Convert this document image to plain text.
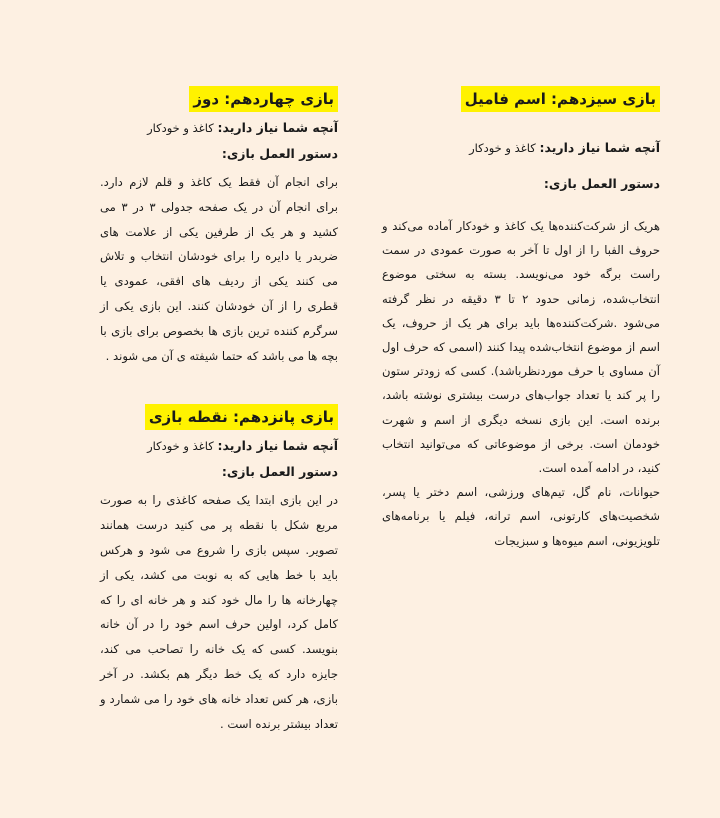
بازی سیزدهم: اسم فامیل

آنچه شما نیاز دارید: کاغذ و خودکار

دستور العمل بازی:

هریک از شرکت‌کننده‌ها یک کاغذ و خودکار آماده می‌کند و حروف الفبا را از اول تا آخر به صورت عمودی در سمت راست برگه خود می‌نویسد. بسته به سختی موضوع انتخاب‌شده، زمانی حدود ۲ تا ۳ دقیقه در نظر گرفته می‌شود .شرکت‌کننده‌ها باید برای هر یک از حروف، یک اسم از موضوع انتخاب‌شده پیدا کنند (اسمی که حرف اول آن مساوی با حرف موردنظرباشد). کسی که زودتر ستون را پر کند یا تعداد جواب‌های درست بیشتری نوشته باشد، برنده است. این بازی نسخه دیگری از اسم و شهرت خودمان است. برخی از موضوعاتی که می‌توانید انتخاب کنید، در ادامه آمده است.
حیوانات، نام گل، تیم‌های ورزشی، اسم دختر یا پسر، شخصیت‌های کارتونی، اسم ترانه، فیلم یا برنامه‌های تلویزیونی، اسم میوه‌ها و سبزیجات

بازی چهاردهم: دوز

آنچه شما نیاز دارید: کاغذ و خودکار

دستور العمل بازی:

برای انجام آن فقط یک کاغذ و قلم لازم دارد. برای انجام آن در یک صفحه جدولی ۳ در ۳ می کشید و هر یک از طرفین یکی از علامت های ضربدر یا دایره را برای خودشان انتخاب و تلاش می کنند یکی از ردیف های افقی، عمودی یا قطری را از آن خودشان کنند. این بازی یکی از سرگرم کننده ترین بازی ها بخصوص برای بازی با بچه ها می باشد که حتما شیفته ی آن می شوند .

بازی پانزدهم: نقطه بازی

آنچه شما نیاز دارید: کاغذ و خودکار

دستور العمل بازی:

در این بازی ابتدا یک صفحه کاغذی را به صورت مربع شکل با نقطه پر می کنید درست همانند تصویر. سپس بازی را شروع می شود و هرکس باید با خط هایی که به نوبت می کشد، یکی از چهارخانه ها را مال خود کند و هر خانه ای را که کامل کرد، اولین حرف اسم خود را در آن خانه بنویسد. کسی که یک خانه را تصاحب می کند، جایزه دارد که یک خط دیگر هم بکشد. در آخر بازی، هر کس تعداد خانه های خود را می شمارد و تعداد بیشتر برنده است .
